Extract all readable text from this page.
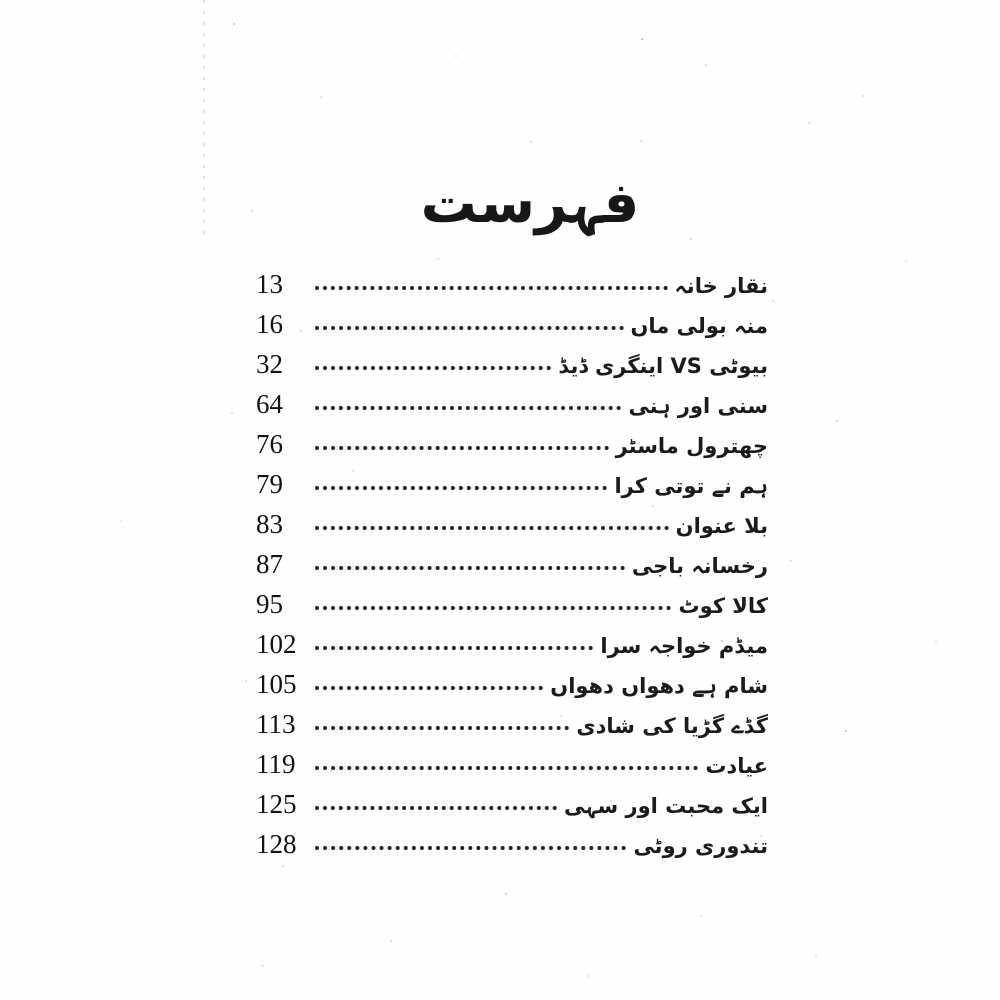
فہرست
نقار خانہ
13
منہ بولی ماں
16
بیوٹی VS اینگری ڈیڈ
32
سنی اور ہنی
64
چھترول ماسٹر
76
ہم نے توتی کرا
79
بلا عنوان
83
رخسانہ باجی
87
کالا کوٹ
95
میڈم خواجہ سرا
102
شام ہے دھواں دھواں
105
گڈے گڑیا کی شادی
113
عیادت
119
ایک محبت اور سہی
125
تندوری روٹی
128
